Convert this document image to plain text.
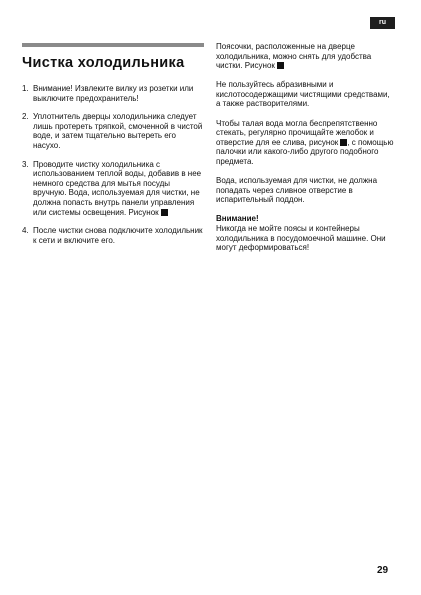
ru
Чистка холодильника
1. Внимание! Извлеките вилку из розетки или выключите предохранитель!
2. Уплотнитель дверцы холодильника следует лишь протереть тряпкой, смоченной в чистой воде, и затем тщательно вытереть его насухо.
3. Проводите чистку холодильника с использованием теплой воды, добавив в нее немного средства для мытья посуды вручную. Вода, используемая для чистки, не должна попасть внутрь панели управления или системы освещения. Рисунок
4. После чистки снова подключите холодильник к сети и включите его.

Поясочки, расположенные на дверце холодильника, можно снять для удобства чистки. Рисунок

Не пользуйтесь абразивными и кислотосодержащими чистящими средствами, а также растворителями.

Чтобы талая вода могла беспрепятственно стекать, регулярно прочищайте желобок и отверстие для ее слива, рисунок , с помощью палочки или какого-либо другого подобного предмета.

Вода, используемая для чистки, не должна попадать через сливное отверстие в испарительный поддон.

Внимание!
Никогда не мойте поясы и контейнеры холодильника в посудомоечной машине. Они могут деформироваться!
29
